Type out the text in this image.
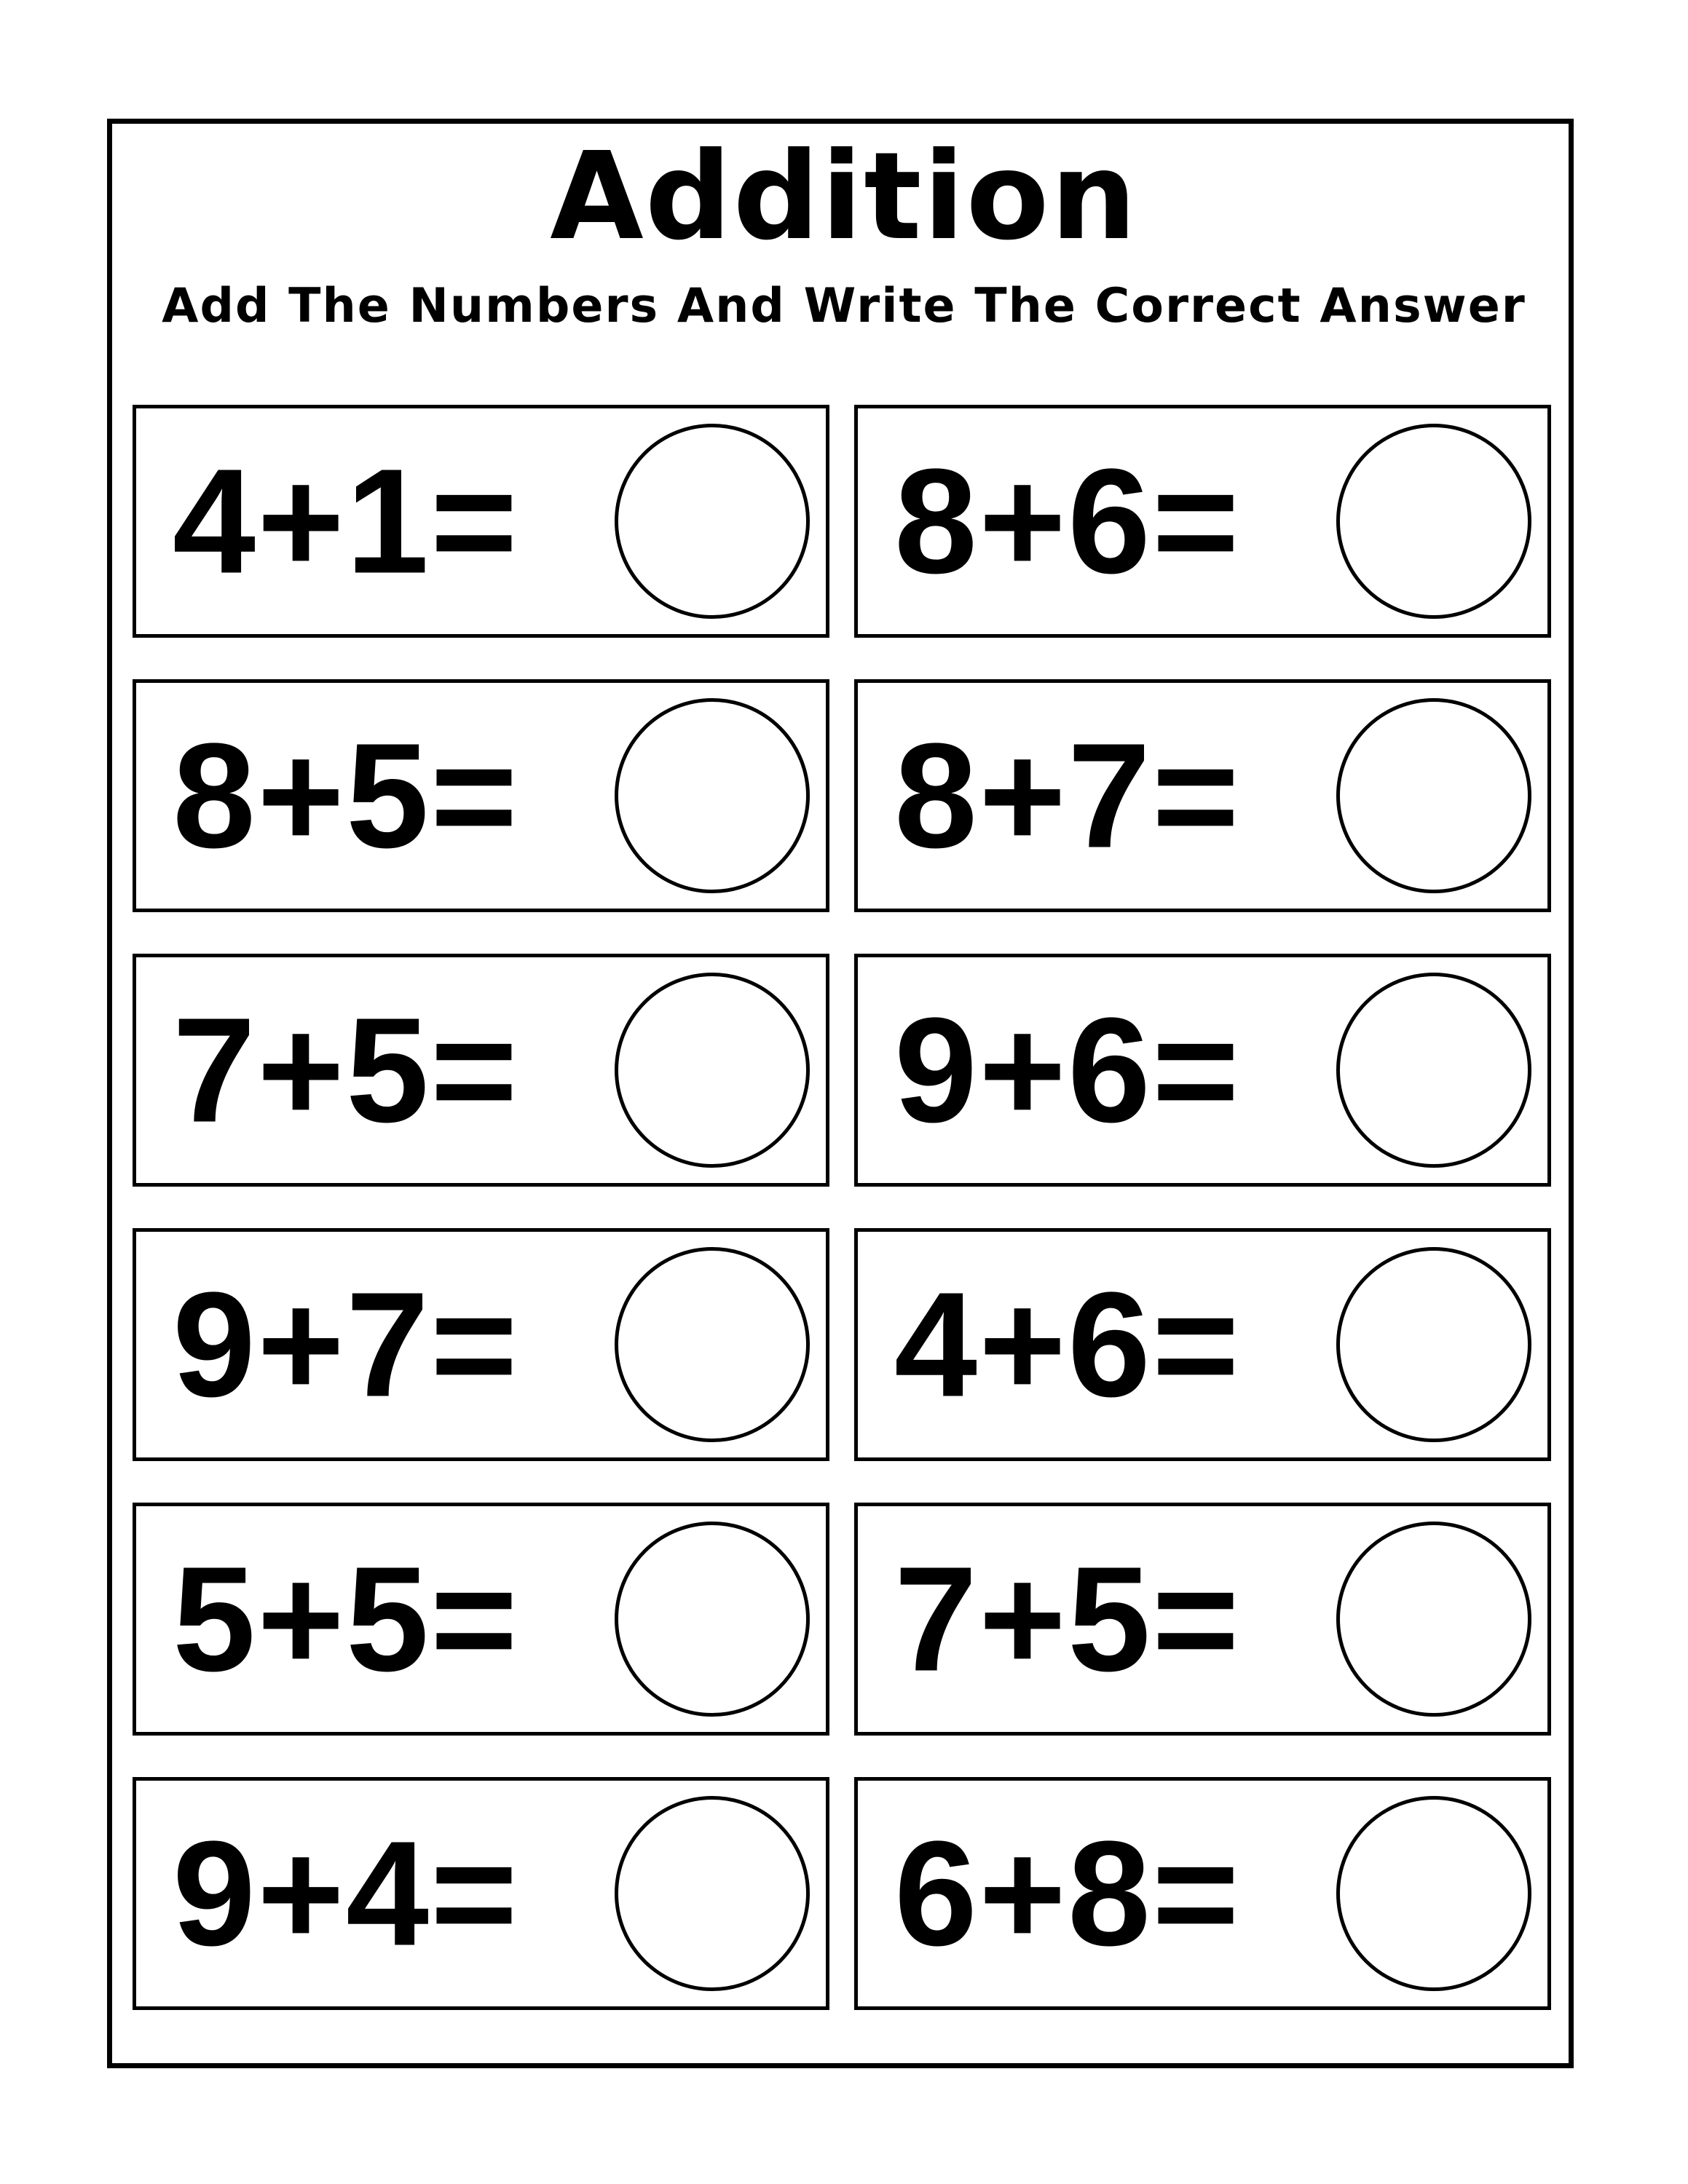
Addition
Add The Numbers And Write The Correct Answer
4 + 1 =	8 + 6 =
8 + 5 =	8 + 7 =
7 + 5 =	9 + 6 =
9 + 7 =	4 + 6 =
5 + 5 =	7 + 5 =
9 + 4 =	6 + 8 =
